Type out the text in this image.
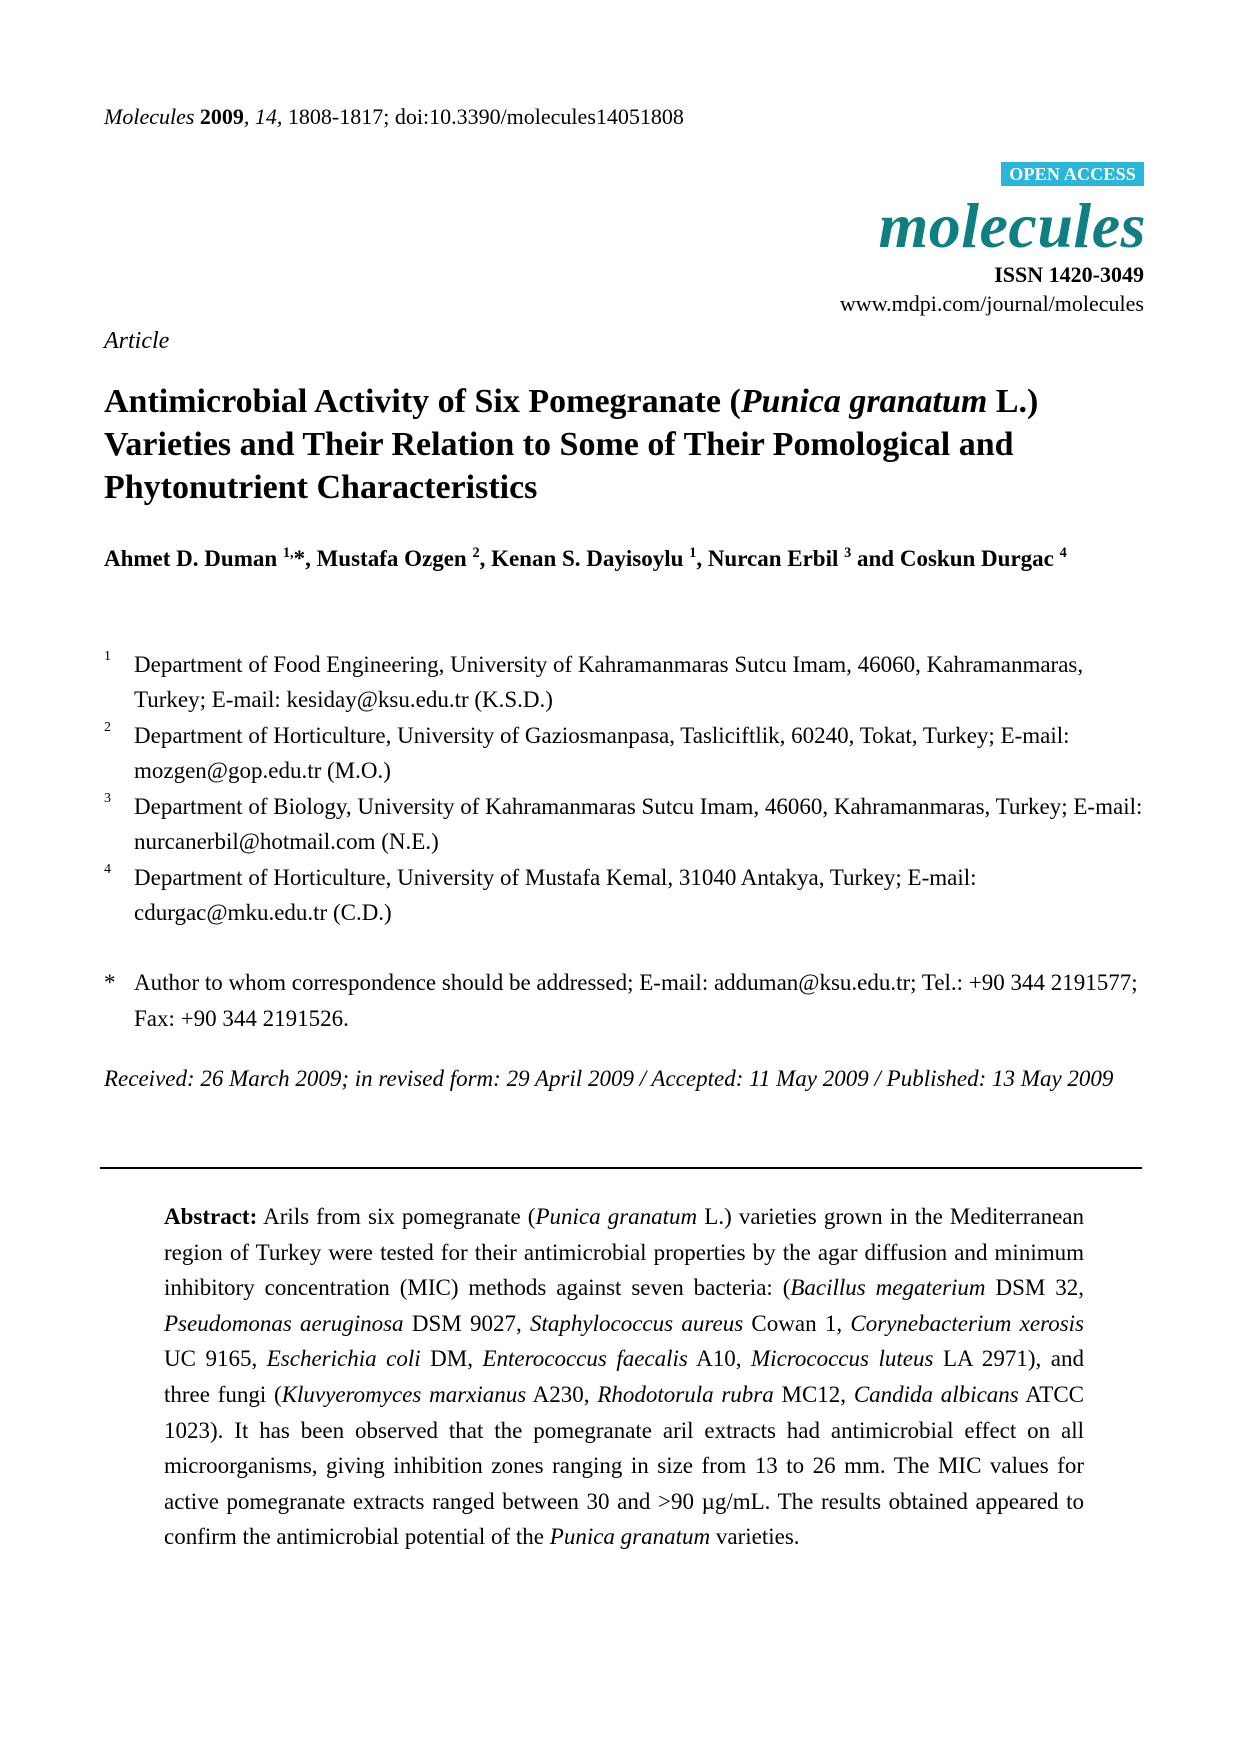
Molecules 2009, 14, 1808-1817; doi:10.3390/molecules14051808
OPEN ACCESS
molecules
ISSN 1420-3049
www.mdpi.com/journal/molecules
Article
Antimicrobial Activity of Six Pomegranate (Punica granatum L.) Varieties and Their Relation to Some of Their Pomological and Phytonutrient Characteristics
Ahmet D. Duman $^{1,}$*, Mustafa Ozgen $^2$, Kenan S. Dayisoylu $^1$, Nurcan Erbil $^3$ and Coskun Durgac $^4$
1 Department of Food Engineering, University of Kahramanmaras Sutcu Imam, 46060, Kahramanmaras, Turkey; E-mail: kesiday@ksu.edu.tr (K.S.D.)
2 Department of Horticulture, University of Gaziosmanpasa, Tasliciftlik, 60240, Tokat, Turkey; E-mail: mozgen@gop.edu.tr (M.O.)
3 Department of Biology, University of Kahramanmaras Sutcu Imam, 46060, Kahramanmaras, Turkey; E-mail: nurcanerbil@hotmail.com (N.E.)
4 Department of Horticulture, University of Mustafa Kemal, 31040 Antakya, Turkey; E-mail: cdurgac@mku.edu.tr (C.D.)
* Author to whom correspondence should be addressed; E-mail: adduman@ksu.edu.tr; Tel.: +90 344 2191577; Fax: +90 344 2191526.
Received: 26 March 2009; in revised form: 29 April 2009 / Accepted: 11 May 2009 / Published: 13 May 2009
Abstract: Arils from six pomegranate (Punica granatum L.) varieties grown in the Mediterranean region of Turkey were tested for their antimicrobial properties by the agar diffusion and minimum inhibitory concentration (MIC) methods against seven bacteria: (Bacillus megaterium DSM 32, Pseudomonas aeruginosa DSM 9027, Staphylococcus aureus Cowan 1, Corynebacterium xerosis UC 9165, Escherichia coli DM, Enterococcus faecalis A10, Micrococcus luteus LA 2971), and three fungi (Kluvyeromyces marxianus A230, Rhodotorula rubra MC12, Candida albicans ATCC 1023). It has been observed that the pomegranate aril extracts had antimicrobial effect on all microorganisms, giving inhibition zones ranging in size from 13 to 26 mm. The MIC values for active pomegranate extracts ranged between 30 and >90 µg/mL. The results obtained appeared to confirm the antimicrobial potential of the Punica granatum varieties.
